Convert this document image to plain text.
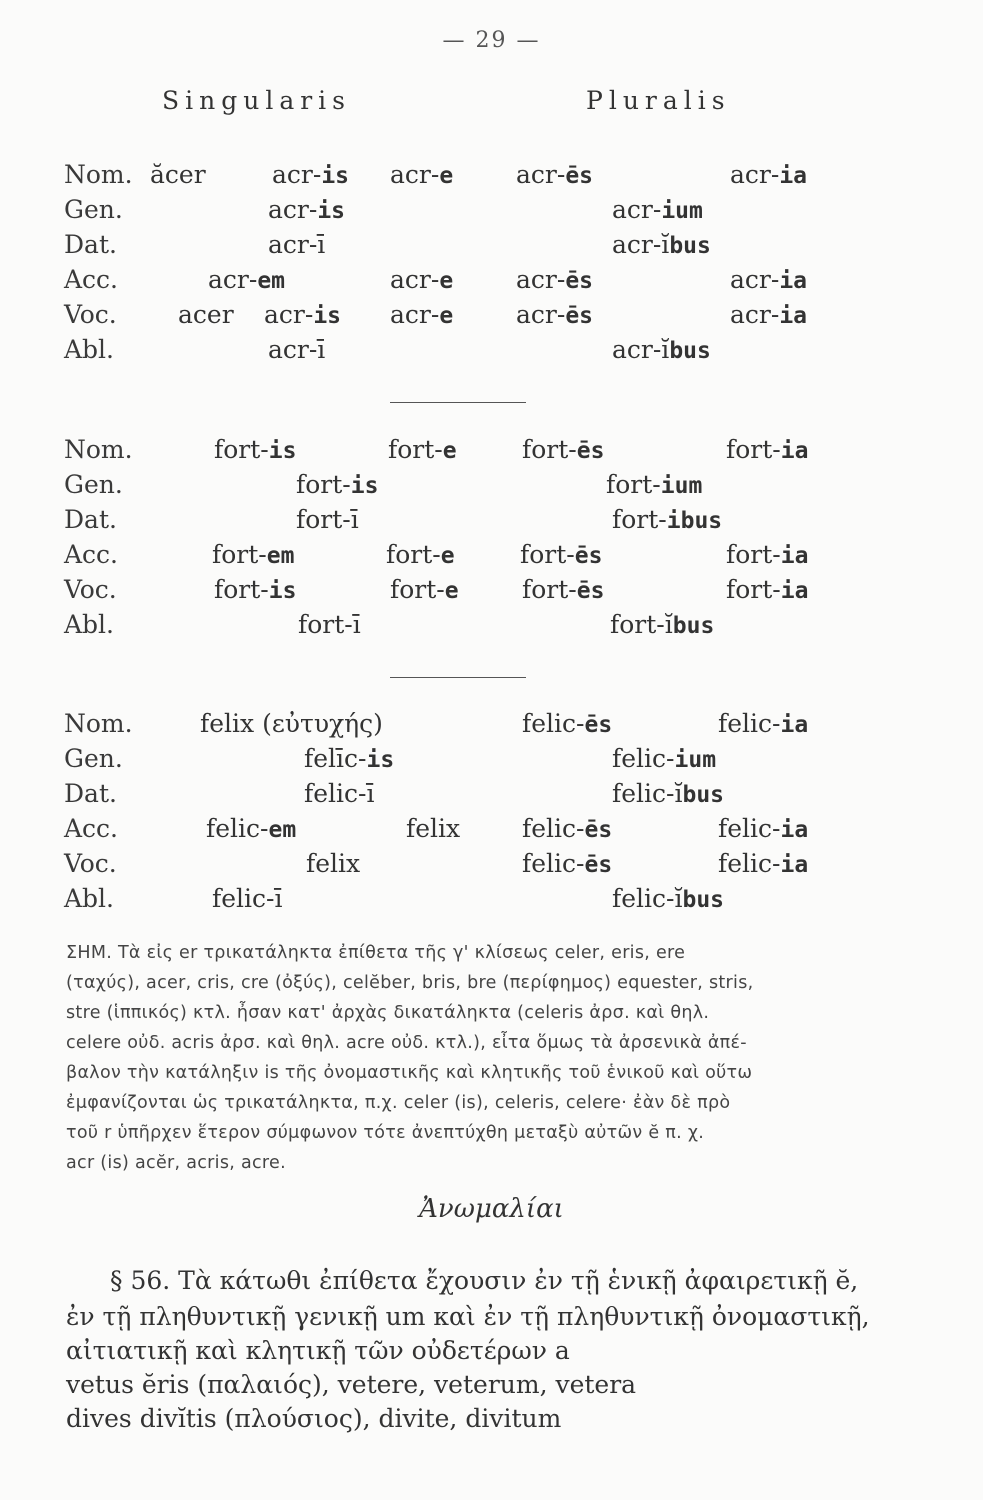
— 29 —
Singularis	Pluralis
Nom. ăcer	acr-is acr-e	acr-ēs	acr-ia
Gen.	acr-is	acr-ium
Dat.	acr-ī	acr-ĭbus
Acc.	acr-em	acr-e	acr-ēs	acr-ia
Voc. acer acr-is acr-e	acr-ēs	acr-ia
Abl.	acr-ī	acr-ĭbus
Nom.	fort-is	fort-e	fort-ēs	fort-ia
Gen.	fort-is	fort-ium
Dat.	fort-ī	fort-ibus
Acc.	fort-em	fort-e	fort-ēs	fort-ia
Voc.	fort-is	fort-e	fort-ēs	fort-ia
Abl.	fort-ī	fort-ĭbus
Nom.	felix (εὐτυχής)	felic-ēs	felic-ia
Gen.	felīc-is	felic-ium
Dat.	felic-ī	felic-ĭbus
Acc.	felic-em	felix felic-ēs	felic-ia
Voc.	felix	felic-ēs	felic-ia
Abl.	felic-ī	felic-ĭbus
ΣΗΜ. Τὰ εἰς er τρικατάληκτα ἐπίθετα τῆς γ' κλίσεως celer, eris, ere
(ταχύς), acer, cris, cre (ὀξύς), celĕber, bris, bre (περίφημος) equester, stris,
stre (ἱππικός) κτλ. ἦσαν κατ' ἀρχὰς δικατάληκτα (celeris ἀρσ. καὶ θηλ.
celere οὐδ. acris ἀρσ. καὶ θηλ. acre οὐδ. κτλ.), εἶτα ὅμως τὰ ἀρσενικὰ ἀπέ-
βαλον τὴν κατάληξιν is τῆς ὀνομαστικῆς καὶ κλητικῆς τοῦ ἑνικοῦ καὶ οὕτω
ἐμφανίζονται ὡς τρικατάληκτα, π.χ. celer (is), celeris, celere· ἐὰν δὲ πρὸ
τοῦ r ὑπῆρχεν ἕτερον σύμφωνον τότε ἀνεπτύχθη μεταξὺ αὐτῶν ĕ π. χ.
acr (is) acĕr, acris, acre.
Ἀνωμαλίαι
§ 56. Τὰ κάτωθι ἐπίθετα ἔχουσιν ἐν τῇ ἑνικῇ ἀφαιρετικῇ ĕ,
ἐν τῇ πληθυντικῇ γενικῇ um καὶ ἐν τῇ πληθυντικῇ ὀνομαστικῇ,
αἰτιατικῇ καὶ κλητικῇ τῶν οὐδετέρων a
vetus ĕris (παλαιός), vetere, veterum, vetera
dives divĭtis (πλούσιος), divite, divitum
